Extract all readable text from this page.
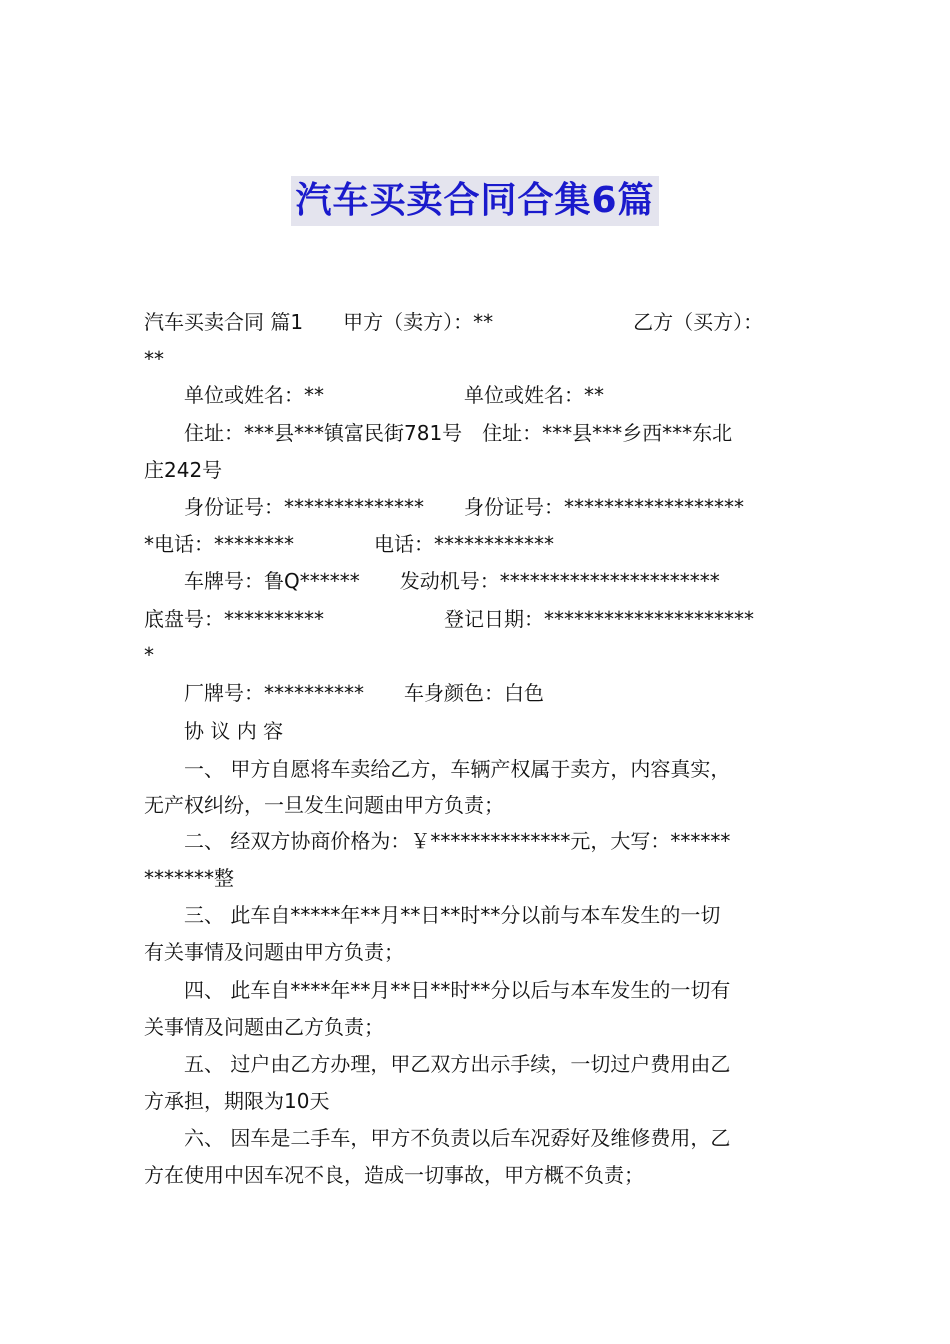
汽车买卖合同合集6篇
汽车买卖合同 篇1　　甲方（卖方）：**　　　　　　　乙方（买方）：
**
　　单位或姓名：**　　　　　　　单位或姓名：**
　　住址：***县***镇富民街781号　住址：***县***乡西***东北
庄242号
　　身份证号：**************　　身份证号：******************
*电话：********　　　　电话：************
　　车牌号：鲁Q******　　发动机号：**********************
底盘号：**********　　　　　　登记日期：*********************
*
　　厂牌号：**********　　车身颜色：白色
　　协 议 内 容
　　一、 甲方自愿将车卖给乙方，车辆产权属于卖方，内容真实，
无产权纠纷，一旦发生问题由甲方负责；
　　二、 经双方协商价格为：￥**************元，大写：******
*******整
　　三、 此车自*****年**月**日**时**分以前与本车发生的一切
有关事情及问题由甲方负责；
　　四、 此车自****年**月**日**时**分以后与本车发生的一切有
关事情及问题由乙方负责；
　　五、 过户由乙方办理，甲乙双方出示手续，一切过户费用由乙
方承担，期限为10天
　　六、 因车是二手车，甲方不负责以后车况孬好及维修费用，乙
方在使用中因车况不良，造成一切事故，甲方概不负责；
